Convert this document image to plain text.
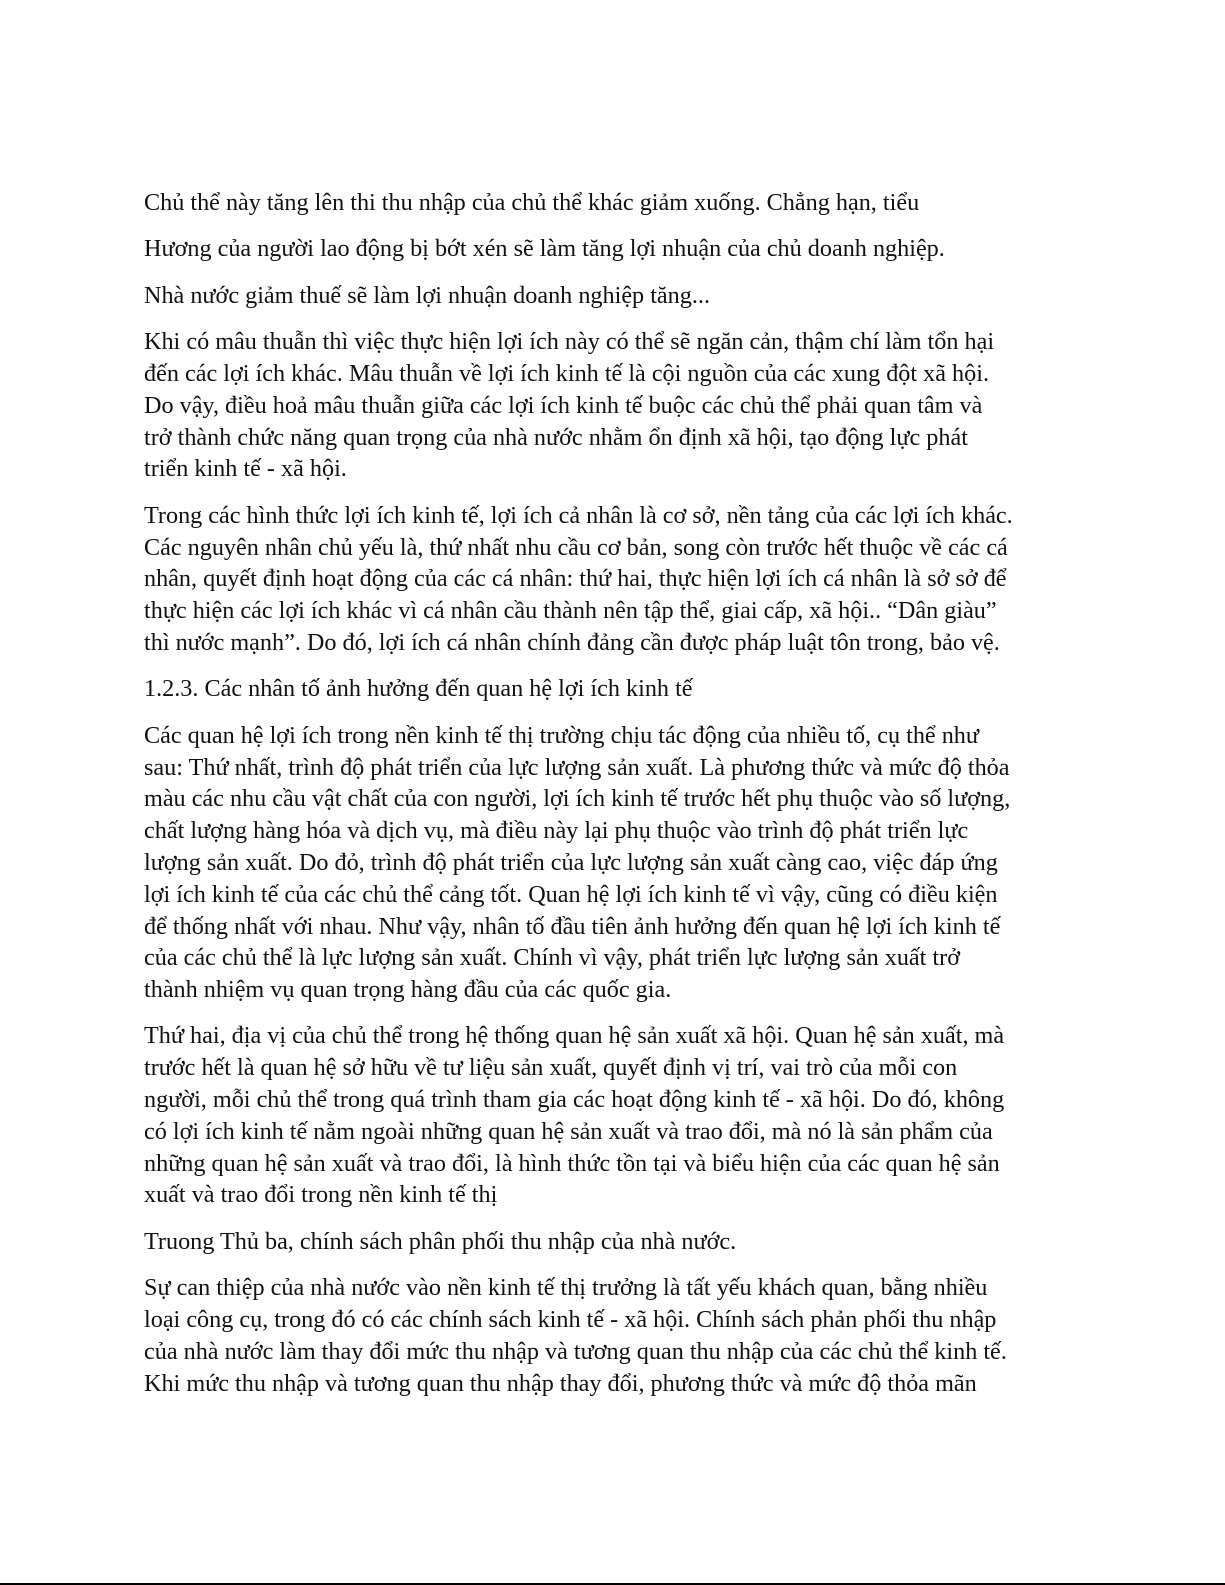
Chủ thể này tăng lên thi thu nhập của chủ thể khác giảm xuống. Chẳng hạn, tiểu
Hương của người lao động bị bớt xén sẽ làm tăng lợi nhuận của chủ doanh nghiệp.
Nhà nước giảm thuế sẽ làm lợi nhuận doanh nghiệp tăng...
Khi có mâu thuẫn thì việc thực hiện lợi ích này có thể sẽ ngăn cản, thậm chí làm tổn hại
đến các lợi ích khác. Mâu thuẫn về lợi ích kinh tế là cội nguồn của các xung đột xã hội.
Do vậy, điều hoả mâu thuẫn giữa các lợi ích kinh tế buộc các chủ thể phải quan tâm và
trở thành chức năng quan trọng của nhà nước nhằm ổn định xã hội, tạo động lực phát
triển kinh tế - xã hội.
Trong các hình thức lợi ích kinh tế, lợi ích cả nhân là cơ sở, nền tảng của các lợi ích khác.
Các nguyên nhân chủ yếu là, thứ nhất nhu cầu cơ bản, song còn trước hết thuộc về các cá
nhân, quyết định hoạt động của các cá nhân: thứ hai, thực hiện lợi ích cá nhân là sở sở để
thực hiện các lợi ích khác vì cá nhân cầu thành nên tập thể, giai cấp, xã hội.. “Dân giàu”
thì nước mạnh”. Do đó, lợi ích cá nhân chính đảng cần được pháp luật tôn trong, bảo vệ.
1.2.3. Các nhân tố ảnh hưởng đến quan hệ lợi ích kinh tế
Các quan hệ lợi ích trong nền kinh tế thị trường chịu tác động của nhiều tố, cụ thể như
sau: Thứ nhất, trình độ phát triển của lực lượng sản xuất. Là phương thức và mức độ thỏa
màu các nhu cầu vật chất của con người, lợi ích kinh tế trước hết phụ thuộc vào số lượng,
chất lượng hàng hóa và dịch vụ, mà điều này lại phụ thuộc vào trình độ phát triển lực
lượng sản xuất. Do đỏ, trình độ phát triển của lực lượng sản xuất càng cao, việc đáp ứng
lợi ích kinh tế của các chủ thể cảng tốt. Quan hệ lợi ích kinh tế vì vậy, cũng có điều kiện
để thống nhất với nhau. Như vậy, nhân tố đầu tiên ảnh hưởng đến quan hệ lợi ích kinh tế
của các chủ thể là lực lượng sản xuất. Chính vì vậy, phát triển lực lượng sản xuất trở
thành nhiệm vụ quan trọng hàng đầu của các quốc gia.
Thứ hai, địa vị của chủ thể trong hệ thống quan hệ sản xuất xã hội. Quan hệ sản xuất, mà
trước hết là quan hệ sở hữu về tư liệu sản xuất, quyết định vị trí, vai trò của mỗi con
người, mỗi chủ thể trong quá trình tham gia các hoạt động kinh tế - xã hội. Do đó, không
có lợi ích kinh tế nằm ngoài những quan hệ sản xuất và trao đổi, mà nó là sản phẩm của
những quan hệ sản xuất và trao đổi, là hình thức tồn tại và biểu hiện của các quan hệ sản
xuất và trao đổi trong nền kinh tế thị
Truong Thủ ba, chính sách phân phối thu nhập của nhà nước.
Sự can thiệp của nhà nước vào nền kinh tế thị trưởng là tất yếu khách quan, bằng nhiều
loại công cụ, trong đó có các chính sách kinh tế - xã hội. Chính sách phản phối thu nhập
của nhà nước làm thay đổi mức thu nhập và tương quan thu nhập của các chủ thể kinh tế.
Khi mức thu nhập và tương quan thu nhập thay đổi, phương thức và mức độ thỏa mãn
